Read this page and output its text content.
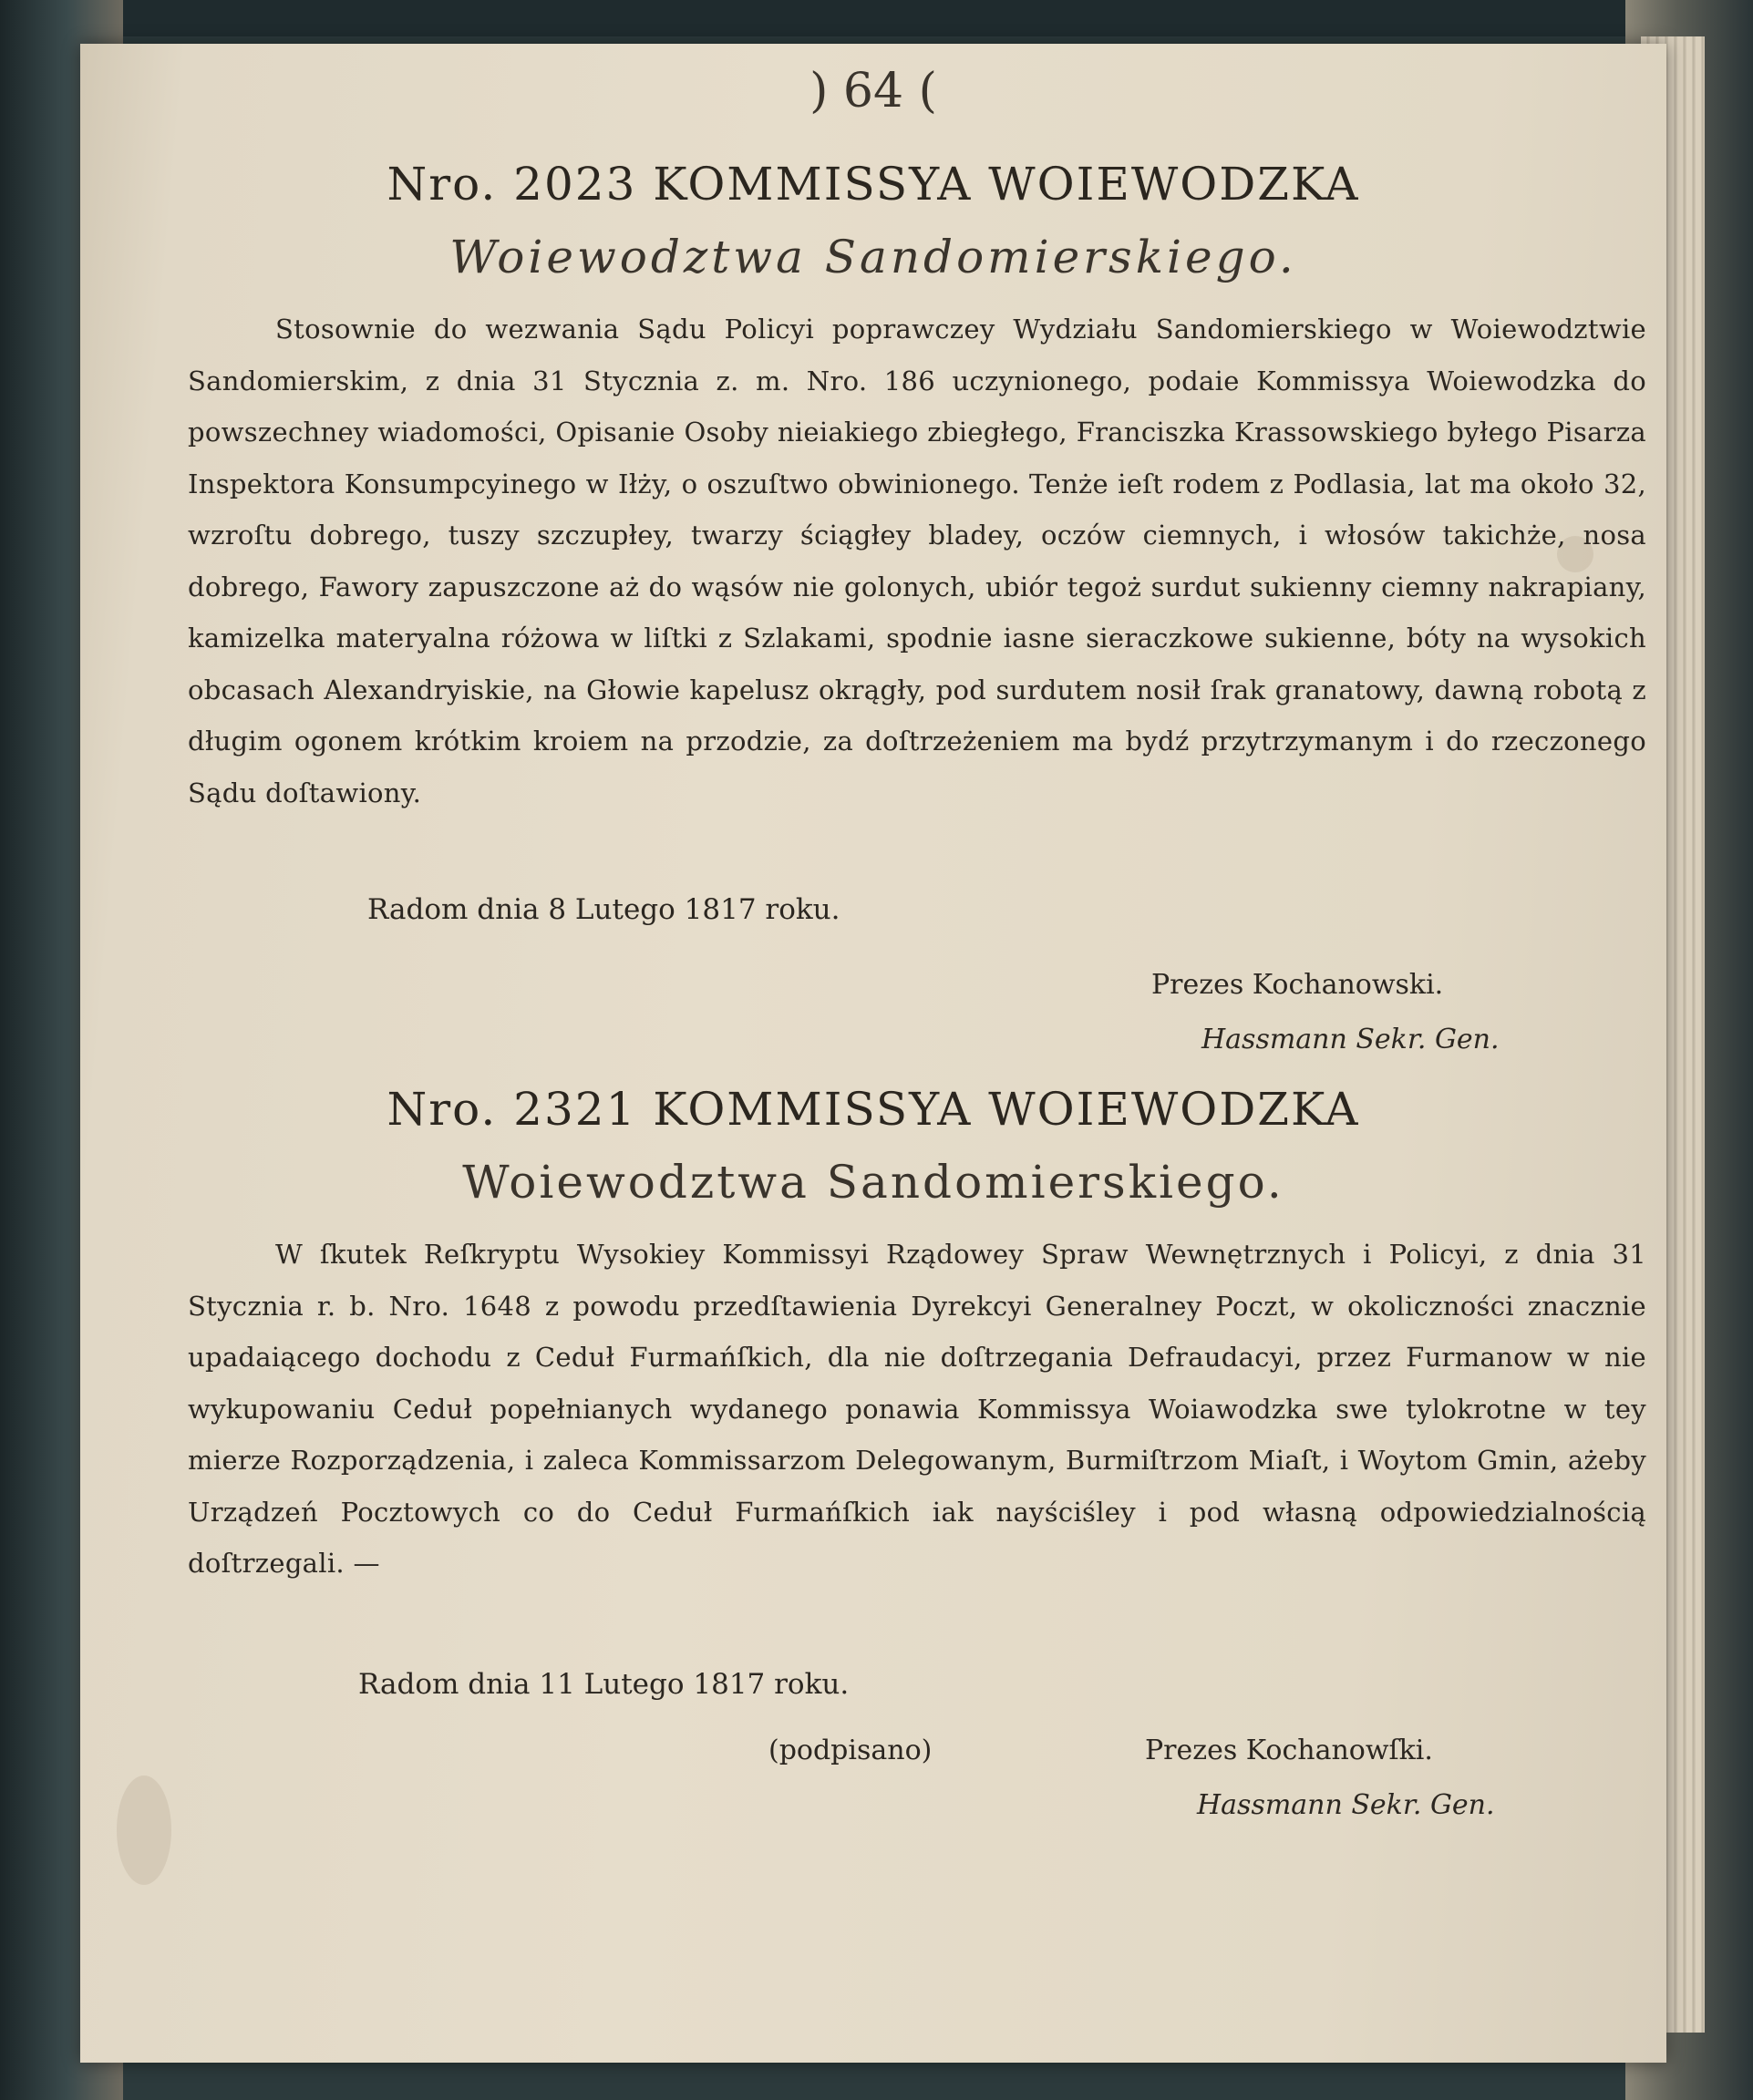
) 64 (
Nro. 2023 KOMMISSYA WOIEWODZKA
Woiewodztwa Sandomierskiego.
Stosownie do wezwania Sądu Policyi poprawczey Wydziału Sandomierskiego w Woiewodztwie Sandomierskim, z dnia 31 Stycznia z. m. Nro. 186 uczynionego, podaie Kommissya Woiewodzka do powszechney wiadomości, Opisanie Osoby nieiakiego zbiegłego, Franciszka Krassowskiego byłego Pisarza Inspektora Konsumpcyinego w Iłży, o oszuſtwo obwinionego. Tenże ieſt rodem z Podlasia, lat ma około 32, wzroſtu dobrego, tuszy szczupłey, twarzy ściągłey bladey, oczów ciemnych, i włosów takichże, nosa dobrego, Fawory zapuszczone aż do wąsów nie golonych, ubiór tegoż surdut sukienny ciemny nakrapiany, kamizelka materyalna różowa w liſtki z Szlakami, spodnie iasne sieraczkowe sukienne, bóty na wysokich obcasach Alexandryiskie, na Głowie kapelusz okrągły, pod surdutem nosił ſrak granatowy, dawną robotą z długim ogonem krótkim kroiem na przodzie, za doſtrzeżeniem ma bydź przytrzymanym i do rzeczonego Sądu doſtawiony.
Radom dnia 8 Lutego 1817 roku.
Prezes Kochanowski.
Hassmann Sekr. Gen.
Nro. 2321 KOMMISSYA WOIEWODZKA
Woiewodztwa Sandomierskiego.
W ſkutek Reſkryptu Wysokiey Kommissyi Rządowey Spraw Wewnętrznych i Policyi, z dnia 31 Stycznia r. b. Nro. 1648 z powodu przedſtawienia Dyrekcyi Generalney Poczt, w okoliczności znacznie upadaiącego dochodu z Ceduł Furmańſkich, dla nie doſtrzegania Defraudacyi, przez Furmanow w nie wykupowaniu Ceduł popełnianych wydanego ponawia Kommissya Woiawodzka swe tylokrotne w tey mierze Rozporządzenia, i zaleca Kommissarzom Delegowanym, Burmiſtrzom Miaſt, i Woytom Gmin, ażeby Urządzeń Pocztowych co do Ceduł Furmańſkich iak nayściśley i pod własną odpowiedzialnością doſtrzegali. —
Radom dnia 11 Lutego 1817 roku.
(podpisano)	Prezes Kochanowſki.
Hassmann Sekr. Gen.
